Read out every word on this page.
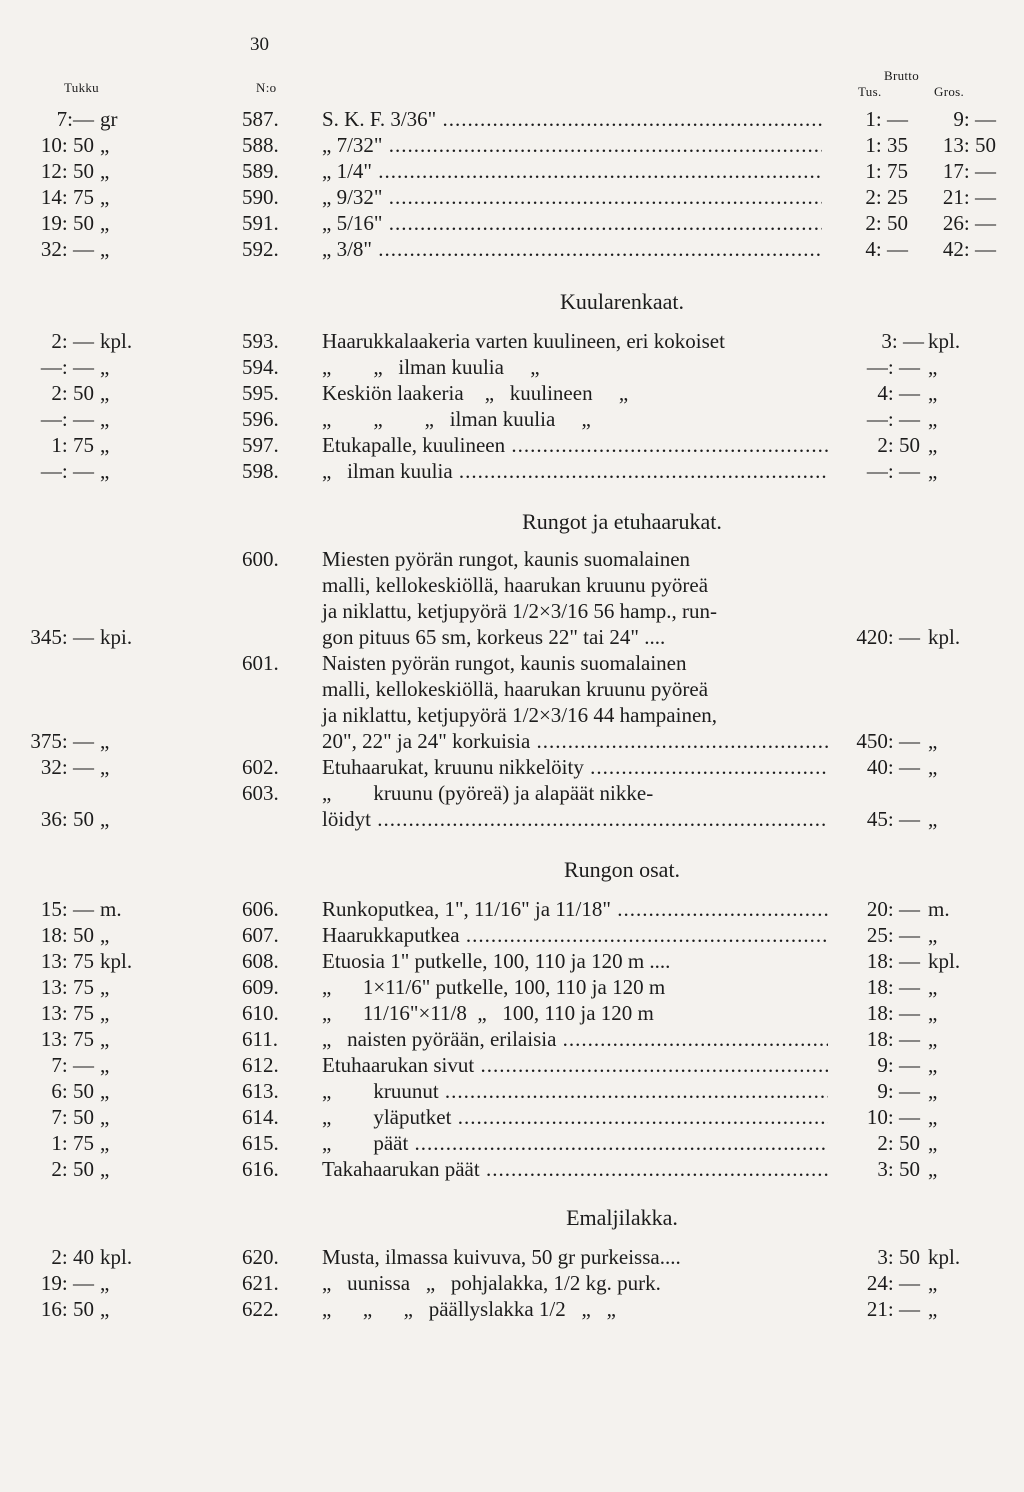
30
Tukku	N:o
Brutto
Tus.	Gros.
7:— gr	587. S. K. F. 3/36" .....	1: —	9: —
10: 50 „	588. „ 7/32" .....	1: 35	13: 50
12: 50 „	589. „ 1/4" .....	1: 75	17: —
14: 75 „	590. „ 9/32" .....	2: 25	21: —
19: 50 „	591. „ 5/16" .....	2: 50	26: —
32: — „	592. „ 3/8" .....	4: —	42: —
Kuularenkaat.
2: — kpl.	593. Haarukkalaakeria varten kuulineen, eri kokoiset	3: — kpl.
—: — „	594. „        „   ilman kuulia     „	—: — „
2: 50 „	595. Keskiön laakeria    „   kuulineen     „	4: — „
—: — „	596. „        „        „   ilman kuulia     „	—: — „
1: 75 „	597. Etukapalle, kuulineen .....	2: 50 „
—: — „	598. „   ilman kuulia .....	—: — „
Rungot ja etuhaarukat.
600. Miesten pyörän rungot, kaunis suomalainen
malli, kellokeskiöllä, haarukan kruunu pyöreä
ja niklattu, ketjupyörä 1/2×3/16 56 hamp., run-
345: — kpi.	gon pituus 65 sm, korkeus 22" tai 24" ....	420: — kpl.
601. Naisten pyörän rungot, kaunis suomalainen
malli, kellokeskiöllä, haarukan kruunu pyöreä
ja niklattu, ketjupyörä 1/2×3/16 44 hampainen,
375: — „	20", 22" ja 24" korkuisia .....	450: — „
32: — „	602. Etuhaarukat, kruunu nikkelöity .....	40: — „
603. „        kruunu (pyöreä) ja alapäät nikke-
36: 50 „	löidyt .....	45: — „
Rungon osat.
15: — m.	606. Runkoputkea, 1", 11/16" ja 11/18" .....	20: — m.
18: 50 „	607. Haarukkaputkea .....	25: — „
13: 75 kpl.	608. Etuosia 1" putkelle, 100, 110 ja 120 m ....	18: — kpl.
13: 75 „	609. „      1×11/6" putkelle, 100, 110 ja 120 m	18: — „
13: 75 „	610. „      11/16"×11/8  „   100, 110 ja 120 m	18: — „
13: 75 „	611. „   naisten pyörään, erilaisia .....	18: — „
7: — „	612. Etuhaarukan sivut .....	9: — „
6: 50 „	613. „        kruunut .....	9: — „
7: 50 „	614. „        yläputket .....	10: — „
1: 75 „	615. „        päät .....	2: 50 „
2: 50 „	616. Takahaarukan päät .....	3: 50 „
Emaljilakka.
2: 40 kpl.	620. Musta, ilmassa kuivuva, 50 gr purkeissa....	3: 50 kpl.
19: — „	621. „   uunissa   „   pohjalakka, 1/2 kg. purk.	24: — „
16: 50 „	622. „      „      „   päällyslakka 1/2   „   „	21: — „
